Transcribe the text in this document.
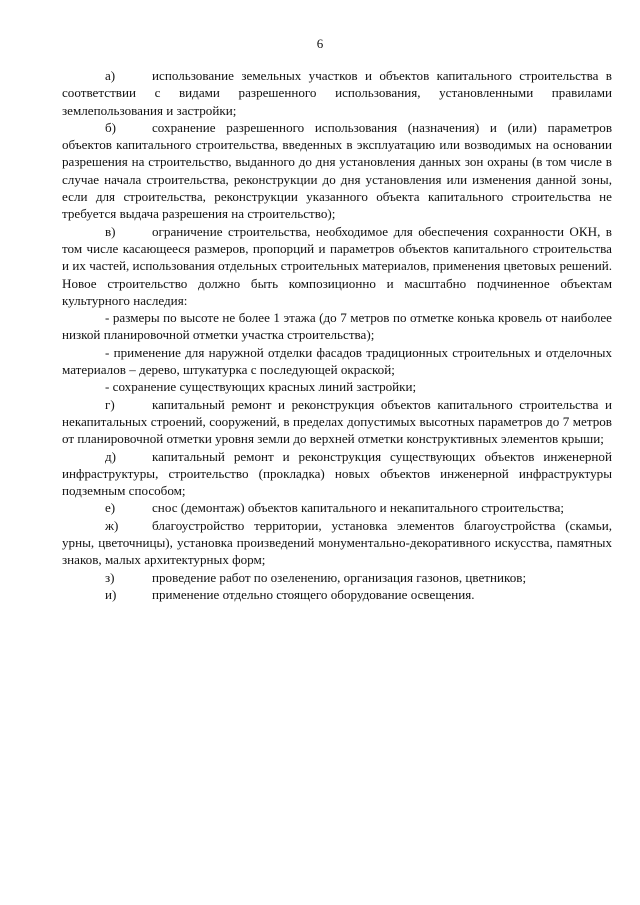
6

а)	использование земельных участков и объектов капитального строительства в соответствии с видами разрешенного использования, установленными правилами землепользования и застройки;

б)	сохранение разрешенного использования (назначения) и (или) параметров объектов капитального строительства, введенных в эксплуатацию или возводимых на основании разрешения на строительство, выданного до дня установления данных зон охраны (в том числе в случае начала строительства, реконструкции до дня установления или изменения данной зоны, если для строительства, реконструкции указанного объекта капитального строительства не требуется выдача разрешения на строительство);

в)	ограничение строительства, необходимое для обеспечения сохранности ОКН, в том числе касающееся размеров, пропорций и параметров объектов капитального строительства и их частей, использования отдельных строительных материалов, применения цветовых решений. Новое строительство должно быть композиционно и масштабно подчиненное объектам культурного наследия:

- размеры по высоте не более 1 этажа (до 7 метров по отметке конька кровель от наиболее низкой планировочной отметки участка строительства);

- применение для наружной отделки фасадов традиционных строительных и отделочных материалов – дерево, штукатурка с последующей окраской;

- сохранение существующих красных линий застройки;

г)	капитальный ремонт и реконструкция объектов капитального строительства и некапитальных строений, сооружений, в пределах допустимых высотных параметров до 7 метров от планировочной отметки уровня земли до верхней отметки конструктивных элементов крыши;

д)	капитальный ремонт и реконструкция существующих объектов инженерной инфраструктуры, строительство (прокладка) новых объектов инженерной инфраструктуры подземным способом;

е)	снос (демонтаж) объектов капитального и некапитального строительства;

ж)	благоустройство территории, установка элементов благоустройства (скамьи, урны, цветочницы), установка произведений монументально-декоративного искусства, памятных знаков, малых архитектурных форм;

з)	проведение работ по озеленению, организация газонов, цветников;

и)	применение отдельно стоящего оборудование освещения.
